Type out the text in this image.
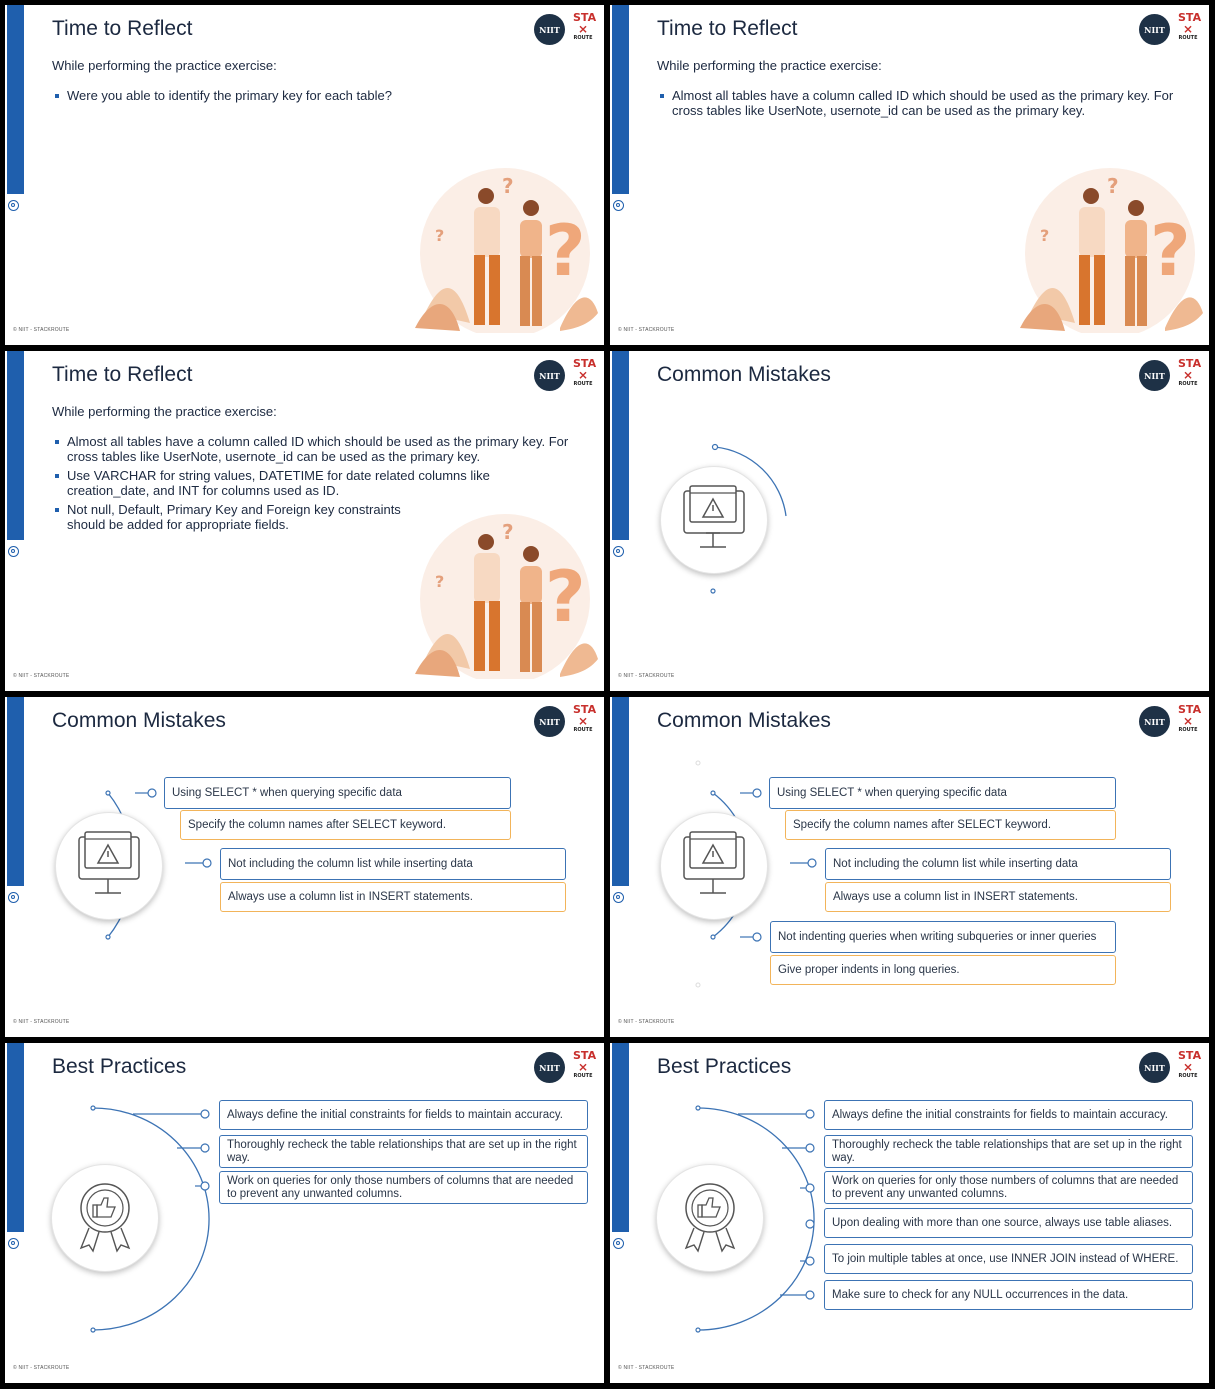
Time to Reflect	NIIT
STA
⨯
ROUTE
While performing the practice exercise:
Were you able to identify the primary key for each table?
?
?
?
© NIIT - STACKROUTE
Time to Reflect	NIIT
STA
⨯
ROUTE
While performing the practice exercise:
Almost all tables have a column called ID which should be used as the primary key. For cross tables like UserNote, usernote_id can be used as the primary key.
?
?
?
© NIIT - STACKROUTE
Time to Reflect	NIIT
STA
⨯
ROUTE
While performing the practice exercise:
?
?
?
Almost all tables have a column called ID which should be used as the primary key. For cross tables like UserNote, usernote_id can be used as the primary key.
Use VARCHAR for string values, DATETIME for date related columns like creation_date, and INT for columns used as ID.
Not null, Default, Primary Key and Foreign key constraints should be added for appropriate fields.
© NIIT - STACKROUTE
Common Mistakes	NIIT
STA
⨯
ROUTE
© NIIT - STACKROUTE
Common Mistakes	NIIT
STA
⨯
ROUTE
Using SELECT * when querying specific data
Specify the column names after SELECT keyword.
Not including the column list while inserting data
Always use a column list in INSERT statements.
© NIIT - STACKROUTE
Common Mistakes	NIIT
STA
⨯
ROUTE
Using SELECT * when querying specific data
Specify the column names after SELECT keyword.
Not including the column list while inserting data
Always use a column list in INSERT statements.
Not indenting queries when writing subqueries or inner queries
Give proper indents in long queries.
© NIIT - STACKROUTE
Best Practices	NIIT
STA
⨯
ROUTE
Always define the initial constraints for fields to maintain accuracy.
Thoroughly recheck the table relationships that are set up in the right way.
Work on queries for only those numbers of columns that are needed to prevent any unwanted columns.
© NIIT - STACKROUTE
Best Practices	NIIT
STA
⨯
ROUTE
Always define the initial constraints for fields to maintain accuracy.
Thoroughly recheck the table relationships that are set up in the right way.
Work on queries for only those numbers of columns that are needed to prevent any unwanted columns.
Upon dealing with more than one source, always use table aliases.
To join multiple tables at once, use INNER JOIN instead of WHERE.
Make sure to check for any NULL occurrences in the data.
© NIIT - STACKROUTE
